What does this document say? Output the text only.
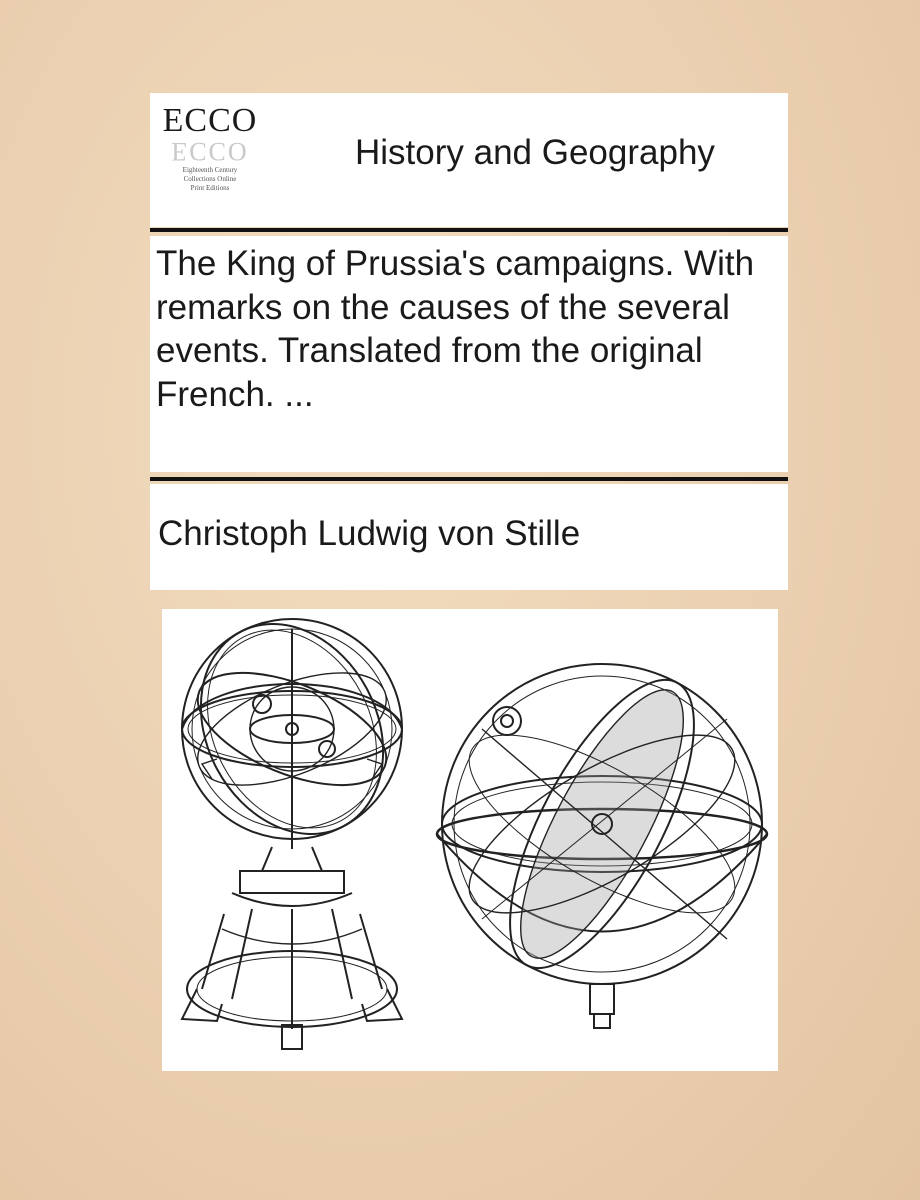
ECCO
ECCO
Eighteenth Century
Collections Online
Print Editions
History and Geography
The King of Prussia's campaigns. With remarks on the causes of the several events. Translated from the original French. ...
Christoph Ludwig von Stille
